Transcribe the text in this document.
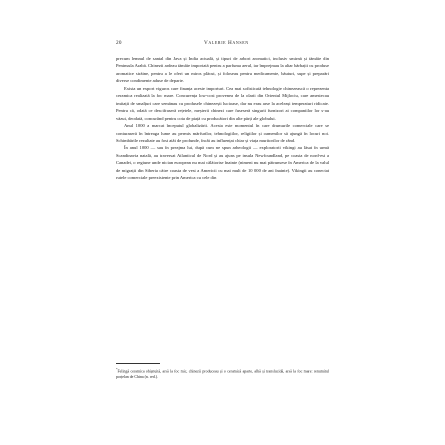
20	Valerie Hansen

precum lemnul de santal din Java și India actuală, și tipuri de arbori aromatici, inclusiv smirnă și tămâie din Peninsula Arabă. Chinezii ardeau tămâie importată pentru a parfuma aerul, iar împrejmau la altar bărbații cu produse aromatice străine, pentru a le oferi un miros plăcut, și foloseau pentru medicamente, băuturi, supe și preparări diverse condimente aduse de departe.

Exista un export viguros care finanța aceste importuri. Cea mai sofisticată tehnologie chinezească o reprezenta ceramica realizată la foc mare. Concurența low-cost provenea de la olarii din Orientul Mijlociu, care amestecau imitații de smalțuri care semănau cu produsele chinezești lucioase, dar nu erau arse la aceleași temperaturi ridicate. Pentru că, odată ce descifraseră rețetele, meșterii chinezi care fuseseră singurii furnizori ai companiilor lor s-au văzut, deodată, concurând pentru cota de piață cu producători din alte părți ale globului.

Anul 1000 a marcat începutul globalizării. Acesta este momentul în care drumurile comerciale care se conturaseră în întreaga lume au permis mărfurilor, tehnologiilor, religiilor și oamenilor să ajungă în locuri noi. Schimbările rezultate au fost atât de profunde, încât au influențat chiar și viața muritorilor de rând.

În anul 1000 — sau în preajma lui, după cum ne spun arheologii — exploratorii vikingi au lăsat în urmă Scandinavia natală, au traversat Atlanticul de Nord și au ajuns pe insula Newfoundland, pe coasta de nord-est a Canadei, o regiune unde nician european nu mai călătorise înainte (nimeni nu mai pătrunsese în America de la valul de migrații din Siberia către coasta de vest a Americii cu mai mult de 10 000 de ani înainte). Vikingii au conectat rutele comerciale preexistente prin America cu cele din

*Felingă ceramica obișnuită, arsă la foc mic, chinezii produceau și o ceramică aparte, albă și translucidă, arsă la foc mare: renumitul porțelan de China (n. red.).
